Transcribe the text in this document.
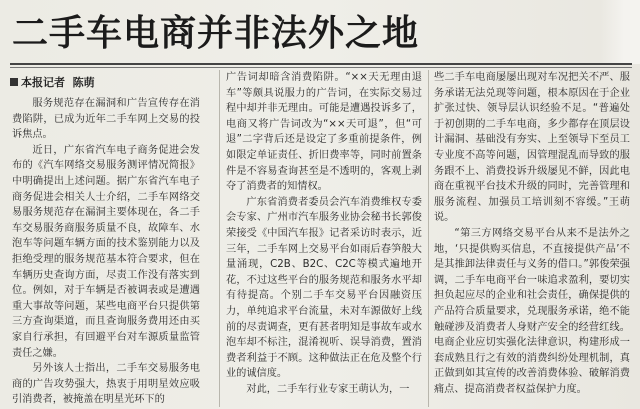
二手车电商并非法外之地
本报记者 陈萌

服务规范存在漏洞和广告宣传存在消费陷阱，已成为近年二手车网上交易的投诉焦点。

近日，广东省汽车电子商务促进会发布的《汽车网络交易服务测评情况简报》中明确提出上述问题。据广东省汽车电子商务促进会相关人士介绍，二手车网络交易服务规范存在漏洞主要体现在，各二手车交易服务商服务质量不良，故障车、水泡车等问题车辆方面的技术鉴别能力以及拒绝受理的服务规范基本符合要求，但在车辆历史查询方面，尽责工作没有落实到位。例如，对于车辆是否被调表或是遭遇重大事故等问题，某些电商平台只提供第三方查询渠道，而且查询服务费用还由买家自行承担，有回避平台对车源质量监管责任之嫌。

另外该人士指出，二手车交易服务电商的广告攻势强大，热衷于用明星效应吸引消费者，被掩盖在明星光环下的

广告词却暗含消费陷阱。“××天无理由退车”等颇具说服力的广告词，在实际交易过程中却并非无理由。可能是遭遇投诉多了，电商又将广告词改为“××天可退”，但“可退”二字背后还是设定了多重前提条件，例如限定单证责任、折旧费率等，同时前置条件是不容易查询甚至是不透明的，客观上剥夺了消费者的知情权。

广东省消费者委员会汽车消费维权专委会专家、广州市汽车服务业协会秘书长郭俊荣接受《中国汽车报》记者采访时表示，近三年，二手车网上交易平台如雨后春笋般大量涌现，C2B、B2C、C2C等模式遍地开花，不过这些平台的服务规范和服务水平却有待提高。个别二手车交易平台因融资压力，单纯追求平台流量，未对车源做好上线前的尽责调查，更有甚者明知是事故车或水泡车却不标注，混淆视听、误导消费，置消费者利益于不顾。这种做法正在危及整个行业的诚信度。

对此，二手车行业专家王萌认为，一

些二手车电商屡屡出现对车况把关不严、服务承诺无法兑现等问题，根本原因在于企业扩张过快、领导层认识经验不足。“普遍处于初创期的二手车电商，多少都存在顶层设计漏洞、基础没有夯实、上至领导下至员工专业度不高等问题，因管理混乱而导致的服务跟不上、消费投诉升级屡见不鲜，因此电商在重视平台技术升级的同时，完善管理和服务流程、加强员工培训刻不容缓。”王萌说。

“第三方网络交易平台从来不是法外之地，‘只提供购买信息，不直接提供产品’不是其推卸法律责任与义务的借口。”郭俊荣强调，二手车电商平台一味追求盈利，要切实担负起应尽的企业和社会责任，确保提供的产品符合质量要求，兑现服务承诺，绝不能触碰涉及消费者人身财产安全的经营红线。电商企业应切实强化法律意识，构建形成一套成熟且行之有效的消费纠纷处理机制，真正做到如其宣传的改善消费体验、破解消费痛点、提高消费者权益保护力度。
